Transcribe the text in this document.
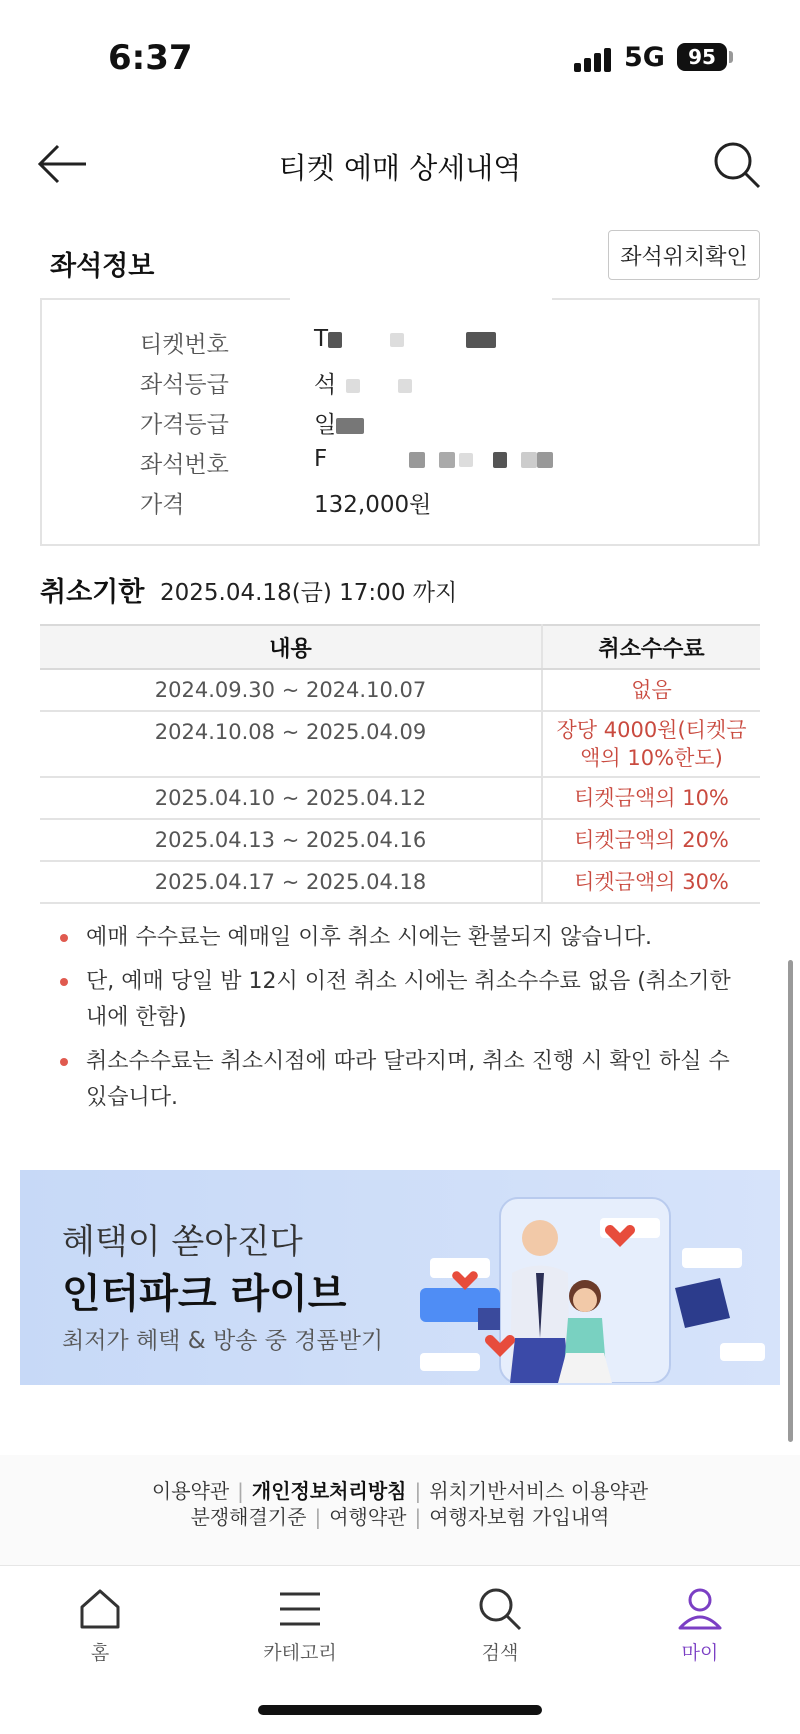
6:37	5G	95
티켓 예매 상세내역
좌석정보	좌석위치확인
티켓번호	T
좌석등급	석
가격등급	일
좌석번호	F
가격	132,000원
취소기한 2025.04.18(금) 17:00 까지
내용	취소수수료
2024.09.30 ~ 2024.10.07	없음
2024.10.08 ~ 2025.04.09	장당 4000원(티켓금액의 10%한도)
2025.04.10 ~ 2025.04.12	티켓금액의 10%
2025.04.13 ~ 2025.04.16	티켓금액의 20%
2025.04.17 ~ 2025.04.18	티켓금액의 30%
예매 수수료는 예매일 이후 취소 시에는 환불되지 않습니다.
단, 예매 당일 밤 12시 이전 취소 시에는 취소수수료 없음 (취소기한 내에 한함)
취소수수료는 취소시점에 따라 달라지며, 취소 진행 시 확인 하실 수 있습니다.
혜택이 쏟아진다
인터파크 라이브
최저가 혜택 & 방송 중 경품받기
이용약관 | 개인정보처리방침 | 위치기반서비스 이용약관
분쟁해결기준 | 여행약관 | 여행자보험 가입내역
홈	카테고리	검색	마이
